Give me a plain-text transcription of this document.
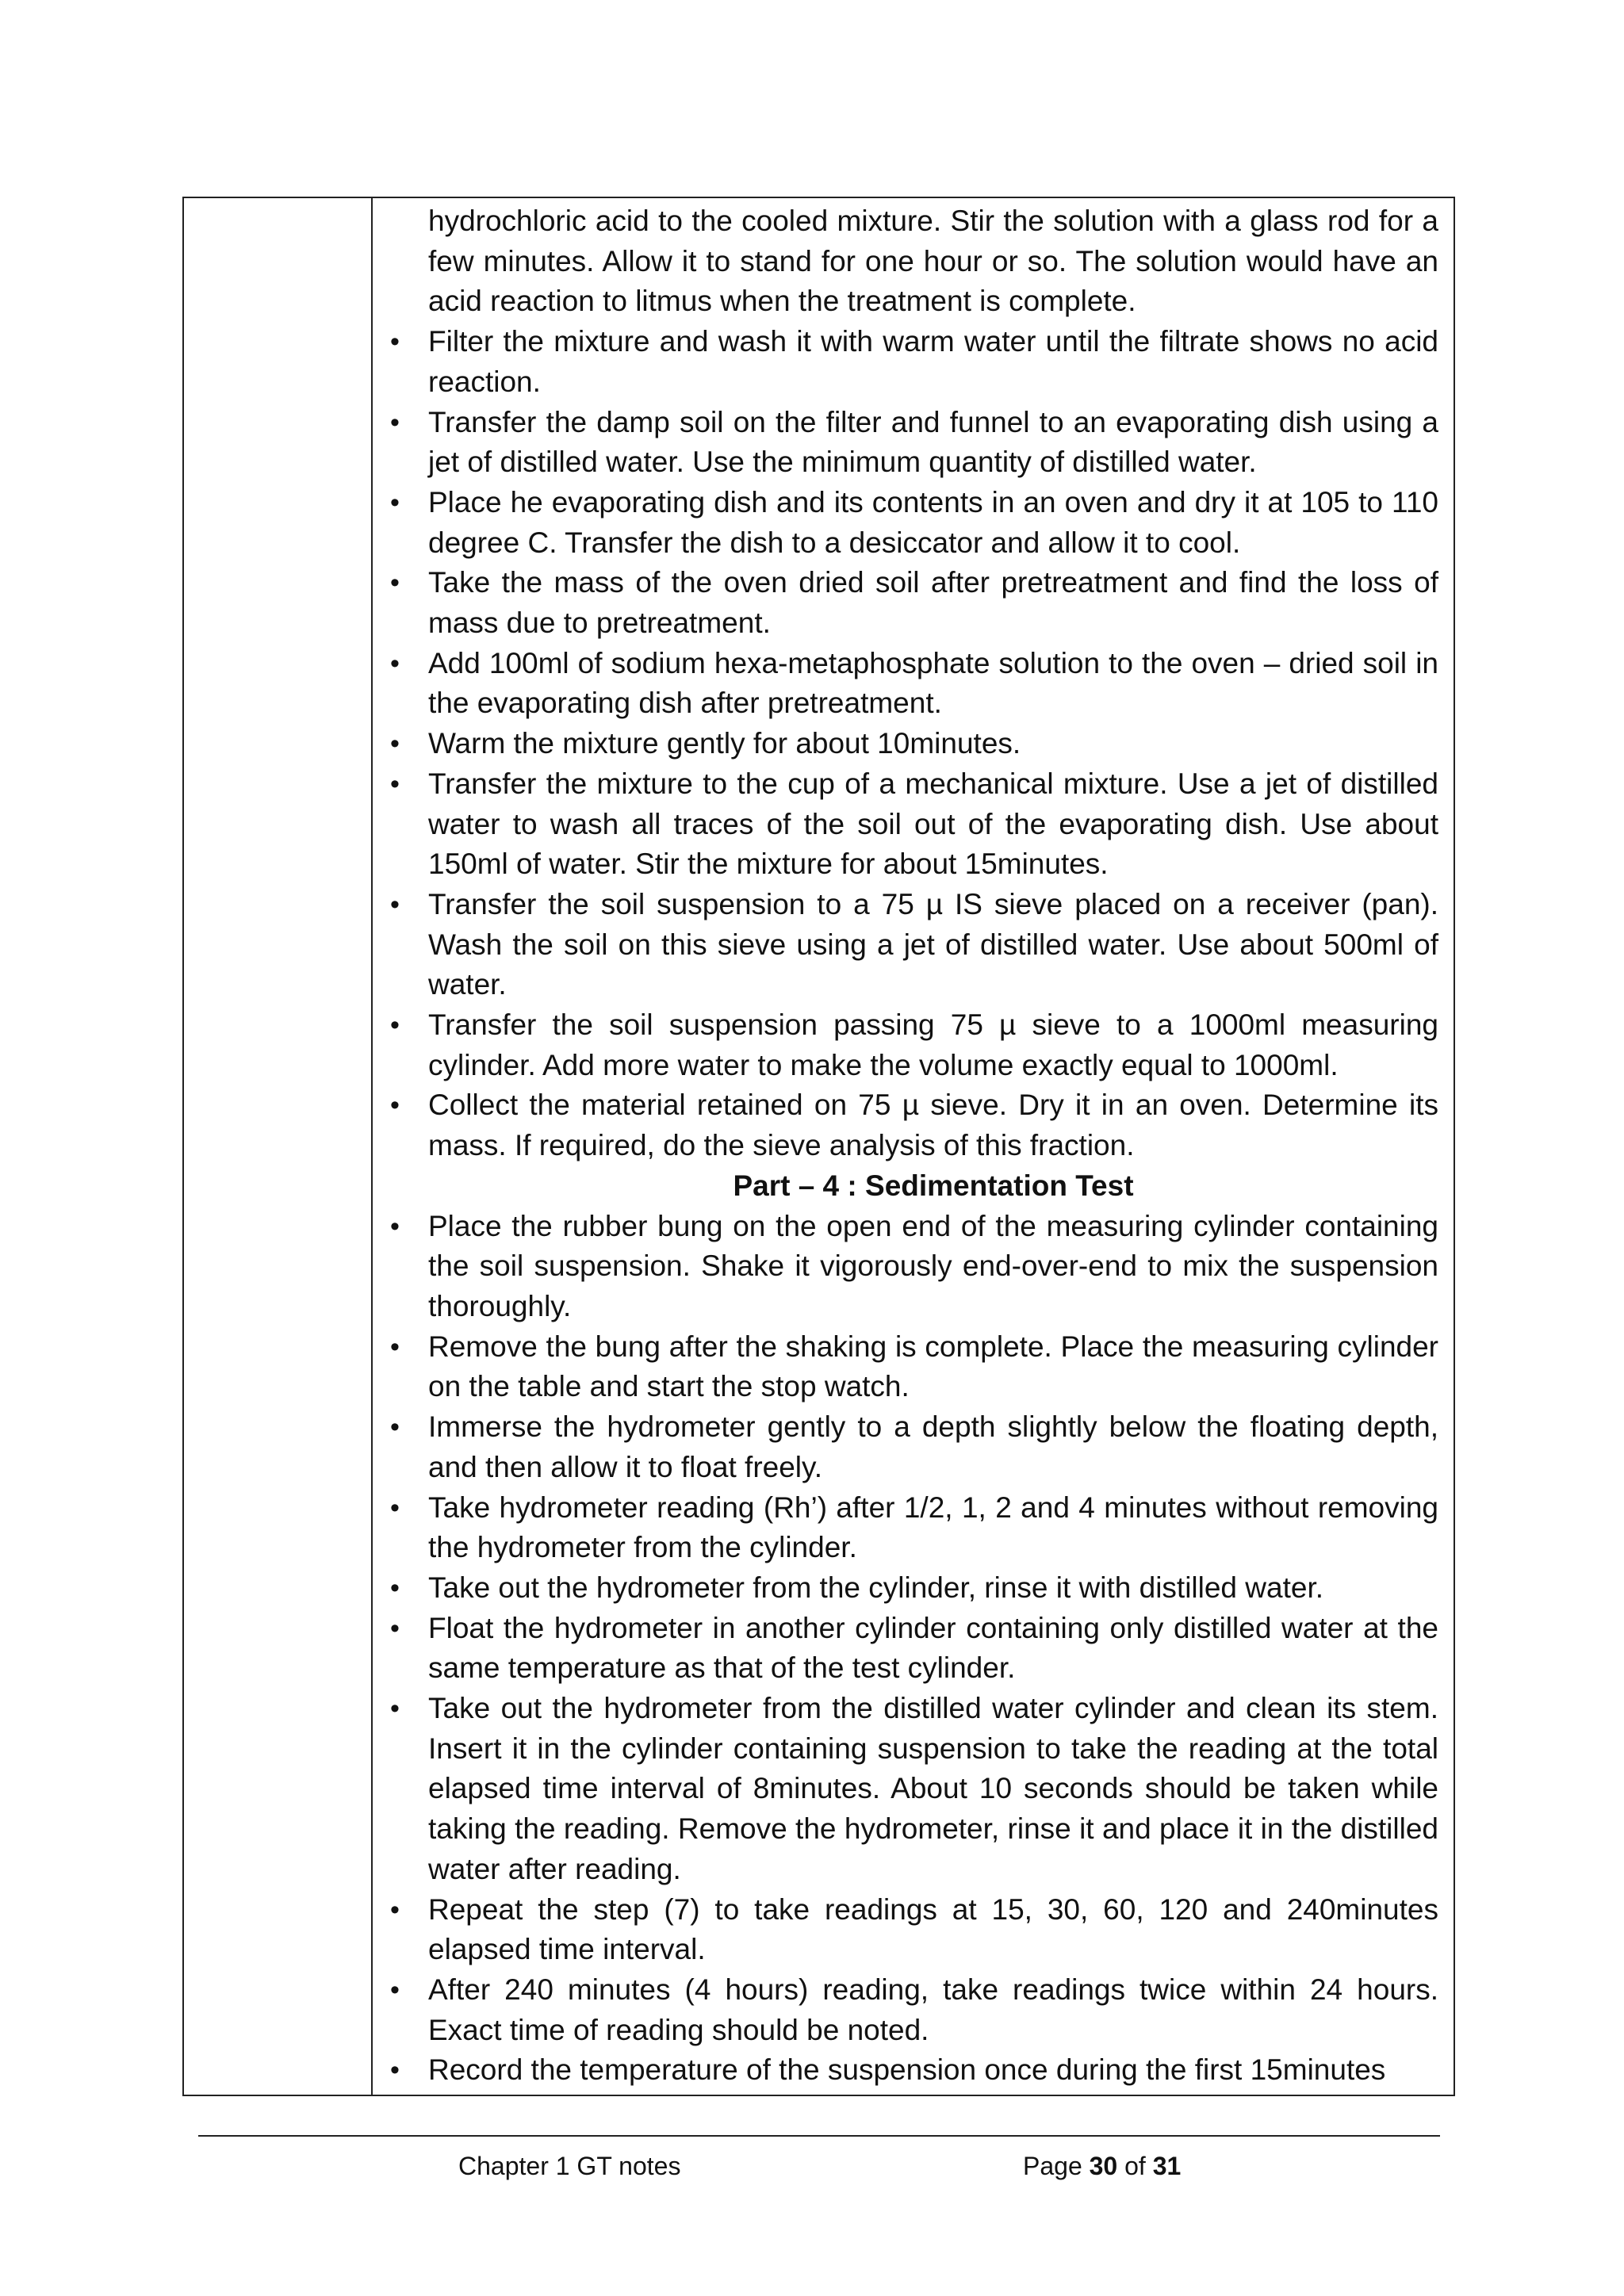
hydrochloric acid to the cooled mixture. Stir the solution with a glass rod for a few minutes. Allow it to stand for one hour or so. The solution would have an acid reaction to litmus when the treatment is complete.

• Filter the mixture and wash it with warm water until the filtrate shows no acid reaction.
• Transfer the damp soil on the filter and funnel to an evaporating dish using a jet of distilled water. Use the minimum quantity of distilled water.
• Place he evaporating dish and its contents in an oven and dry it at 105 to 110 degree C. Transfer the dish to a desiccator and allow it to cool.
• Take the mass of the oven dried soil after pretreatment and find the loss of mass due to pretreatment.
• Add 100ml of sodium hexa-metaphosphate solution to the oven – dried soil in the evaporating dish after pretreatment.
• Warm the mixture gently for about 10minutes.
• Transfer the mixture to the cup of a mechanical mixture. Use a jet of distilled water to wash all traces of the soil out of the evaporating dish. Use about 150ml of water. Stir the mixture for about 15minutes.
• Transfer the soil suspension to a 75 µ IS sieve placed on a receiver (pan). Wash the soil on this sieve using a jet of distilled water. Use about 500ml of water.
• Transfer the soil suspension passing 75 µ sieve to a 1000ml measuring cylinder. Add more water to make the volume exactly equal to 1000ml.
• Collect the material retained on 75 µ sieve. Dry it in an oven. Determine its mass. If required, do the sieve analysis of this fraction.

Part – 4 : Sedimentation Test

• Place the rubber bung on the open end of the measuring cylinder containing the soil suspension. Shake it vigorously end-over-end to mix the suspension thoroughly.
• Remove the bung after the shaking is complete. Place the measuring cylinder on the table and start the stop watch.
• Immerse the hydrometer gently to a depth slightly below the floating depth, and then allow it to float freely.
• Take hydrometer reading (Rh’) after 1/2, 1, 2 and 4 minutes without removing the hydrometer from the cylinder.
• Take out the hydrometer from the cylinder, rinse it with distilled water.
• Float the hydrometer in another cylinder containing only distilled water at the same temperature as that of the test cylinder.
• Take out the hydrometer from the distilled water cylinder and clean its stem. Insert it in the cylinder containing suspension to take the reading at the total elapsed time interval of 8minutes. About 10 seconds should be taken while taking the reading. Remove the hydrometer, rinse it and place it in the distilled water after reading.
• Repeat the step (7) to take readings at 15, 30, 60, 120 and 240minutes elapsed time interval.
• After 240 minutes (4 hours) reading, take readings twice within 24 hours. Exact time of reading should be noted.
• Record the temperature of the suspension once during the first 15minutes
Chapter 1 GT notes	Page 30 of 31
